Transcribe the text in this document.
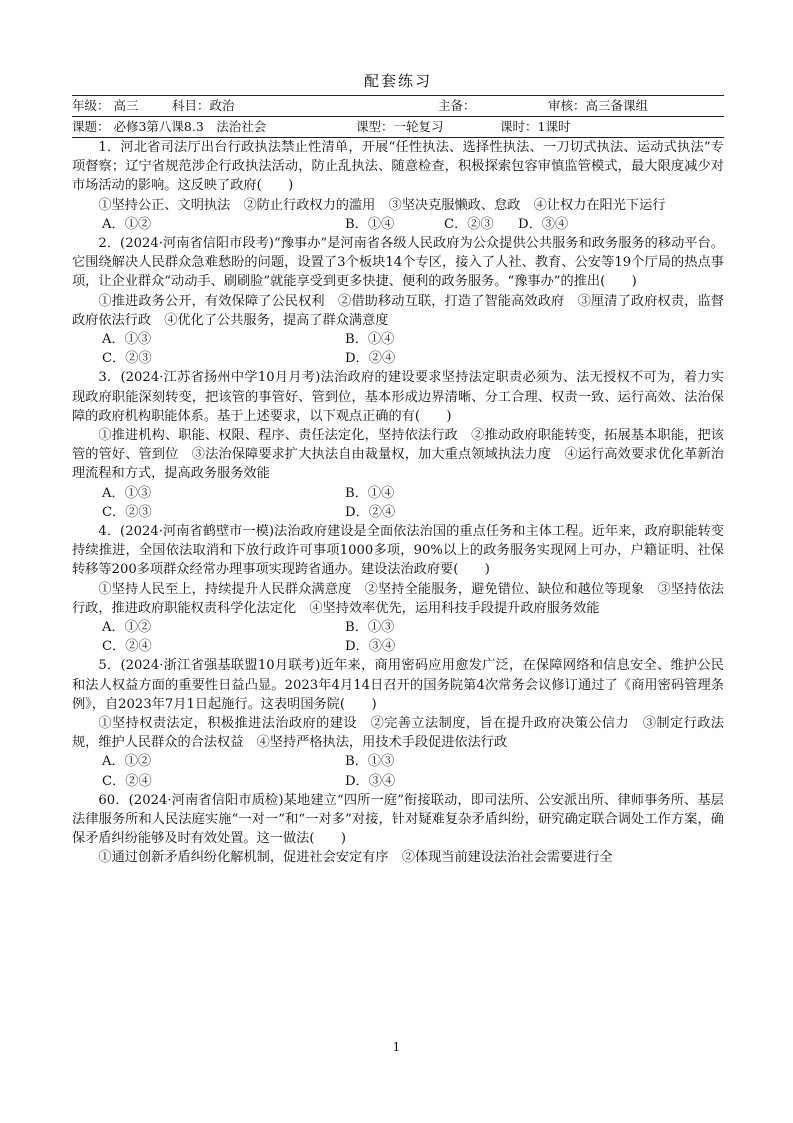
配套练习
年级： 高三	科目：政治	主备：	审核：高三备课组
课题： 必修3第八课8.3　法治社会	课型：一轮复习	课时：1课时

1．河北省司法厅出台行政执法禁止性清单，开展“任性执法、选择性执法、一刀切式执法、运动式执法”专项督察；辽宁省规范涉企行政执法活动，防止乱执法、随意检查，积极探索包容审慎监管模式，最大限度减少对市场活动的影响。这反映了政府(　　)

①坚持公正、文明执法　②防止行政权力的滥用　③坚决克服懒政、怠政　④让权力在阳光下运行

A．①②	B．①④	C．②③ D．③④

2．(2024·河南省信阳市段考)“豫事办”是河南省各级人民政府为公众提供公共服务和政务服务的移动平台。它围绕解决人民群众急难愁盼的问题，设置了3个板块14个专区，接入了人社、教育、公安等19个厅局的热点事项，让企业群众“动动手、刷刷脸”就能享受到更多快捷、便利的政务服务。“豫事办”的推出(　　)

①推进政务公开，有效保障了公民权利　②借助移动互联，打造了智能高效政府　③厘清了政府权责，监督政府依法行政　④优化了公共服务，提高了群众满意度

A．①③	B．①④
C．②③	D．②④

3．(2024·江苏省扬州中学10月月考)法治政府的建设要求坚持法定职责必须为、法无授权不可为，着力实现政府职能深刻转变，把该管的事管好、管到位，基本形成边界清晰、分工合理、权责一致、运行高效、法治保障的政府机构职能体系。基于上述要求，以下观点正确的有(　　)

①推进机构、职能、权限、程序、责任法定化，坚持依法行政　②推动政府职能转变，拓展基本职能，把该管的管好、管到位　③法治保障要求扩大执法自由裁量权，加大重点领域执法力度　④运行高效要求优化革新治理流程和方式，提高政务服务效能

A．①③	B．①④
C．②③	D．②④

4．(2024·河南省鹤壁市一模)法治政府建设是全面依法治国的重点任务和主体工程。近年来，政府职能转变持续推进，全国依法取消和下放行政许可事项1000多项，90%以上的政务服务实现网上可办，户籍证明、社保转移等200多项群众经常办理事项实现跨省通办。建设法治政府要(　　)

①坚持人民至上，持续提升人民群众满意度　②坚持全能服务，避免错位、缺位和越位等现象　③坚持依法行政，推进政府职能权责科学化法定化　④坚持效率优先，运用科技手段提升政府服务效能

A．①②	B．①③
C．②④	D．③④

5．(2024·浙江省强基联盟10月联考)近年来，商用密码应用愈发广泛，在保障网络和信息安全、维护公民和法人权益方面的重要性日益凸显。2023年4月14日召开的国务院第4次常务会议修订通过了《商用密码管理条例》，自2023年7月1日起施行。这表明国务院(　　)

①坚持权责法定，积极推进法治政府的建设　②完善立法制度，旨在提升政府决策公信力　③制定行政法规，维护人民群众的合法权益　④坚持严格执法，用技术手段促进依法行政

A．①②	B．①③
C．②④	D．③④

60．(2024·河南省信阳市质检)某地建立“四所一庭”衔接联动，即司法所、公安派出所、律师事务所、基层法律服务所和人民法庭实施“一对一”和“一对多”对接，针对疑难复杂矛盾纠纷，研究确定联合调处工作方案，确保矛盾纠纷能够及时有效处置。这一做法(　　)

①通过创新矛盾纠纷化解机制，促进社会安定有序　②体现当前建设法治社会需要进行全

1
